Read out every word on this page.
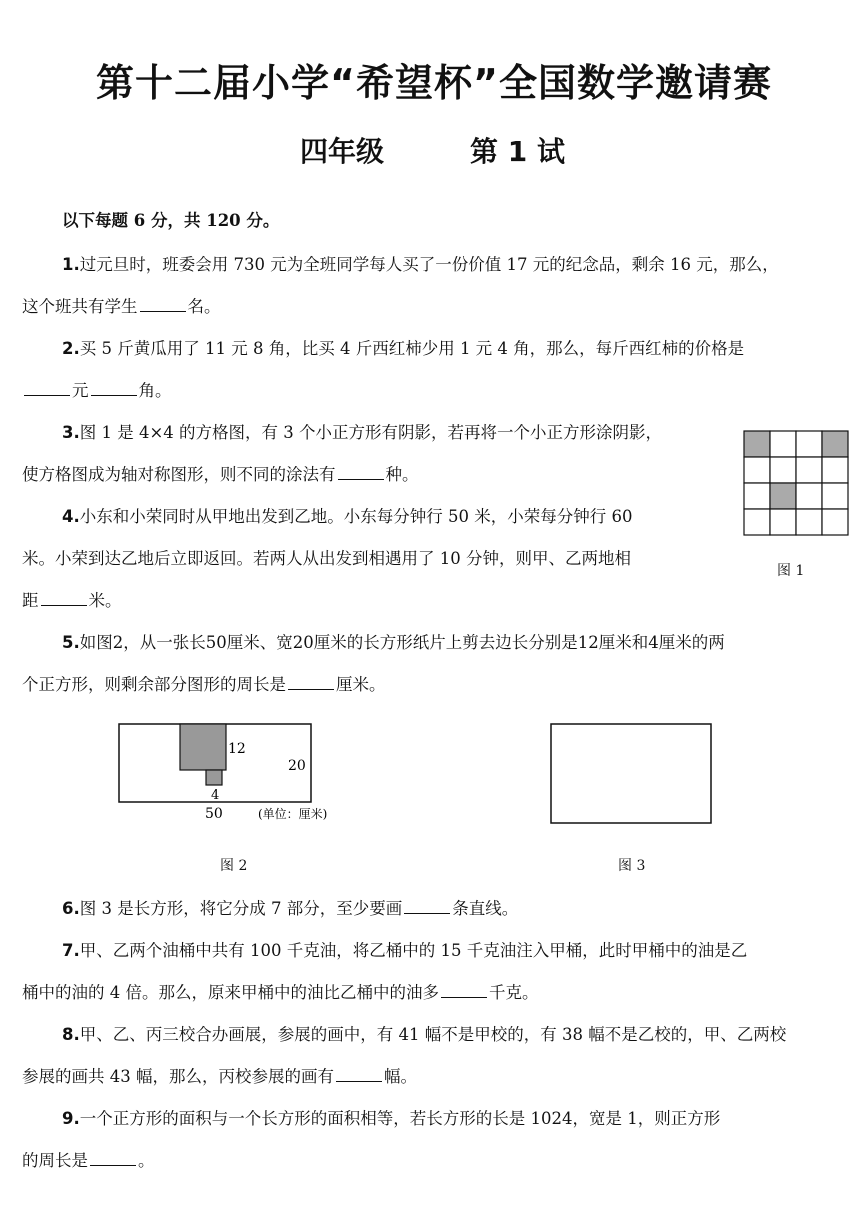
第十二届小学“希望杯”全国数学邀请赛
四年级	第 1 试
以下每题 6 分，共 120 分。
1.过元旦时，班委会用 730 元为全班同学每人买了一份价值 17 元的纪念品，剩余 16 元，那么，
这个班共有学生	名。
2.买 5 斤黄瓜用了 11 元 8 角，比买 4 斤西红柿少用 1 元 4 角，那么，每斤西红柿的价格是
元	角。
3.图 1 是 4×4 的方格图，有 3 个小正方形有阴影，若再将一个小正方形涂阴影，
使方格图成为轴对称图形，则不同的涂法有	种。
图 1
4.小东和小荣同时从甲地出发到乙地。小东每分钟行 50 米，小荣每分钟行 60
米。小荣到达乙地后立即返回。若两人从出发到相遇用了 10 分钟，则甲、乙两地相
距	米。
5.如图2，从一张长50厘米、宽20厘米的长方形纸片上剪去边长分别是12厘米和4厘米的两
个正方形，则剩余部分图形的周长是	厘米。
12
20
4
50	(单位：厘米)
图 2	图 3
6.图 3 是长方形，将它分成 7 部分，至少要画	条直线。
7.甲、乙两个油桶中共有 100 千克油，将乙桶中的 15 千克油注入甲桶，此时甲桶中的油是乙
桶中的油的 4 倍。那么，原来甲桶中的油比乙桶中的油多	千克。
8.甲、乙、丙三校合办画展，参展的画中，有 41 幅不是甲校的，有 38 幅不是乙校的，甲、乙两校
参展的画共 43 幅，那么，丙校参展的画有	幅。
9.一个正方形的面积与一个长方形的面积相等，若长方形的长是 1024，宽是 1，则正方形
的周长是	。
